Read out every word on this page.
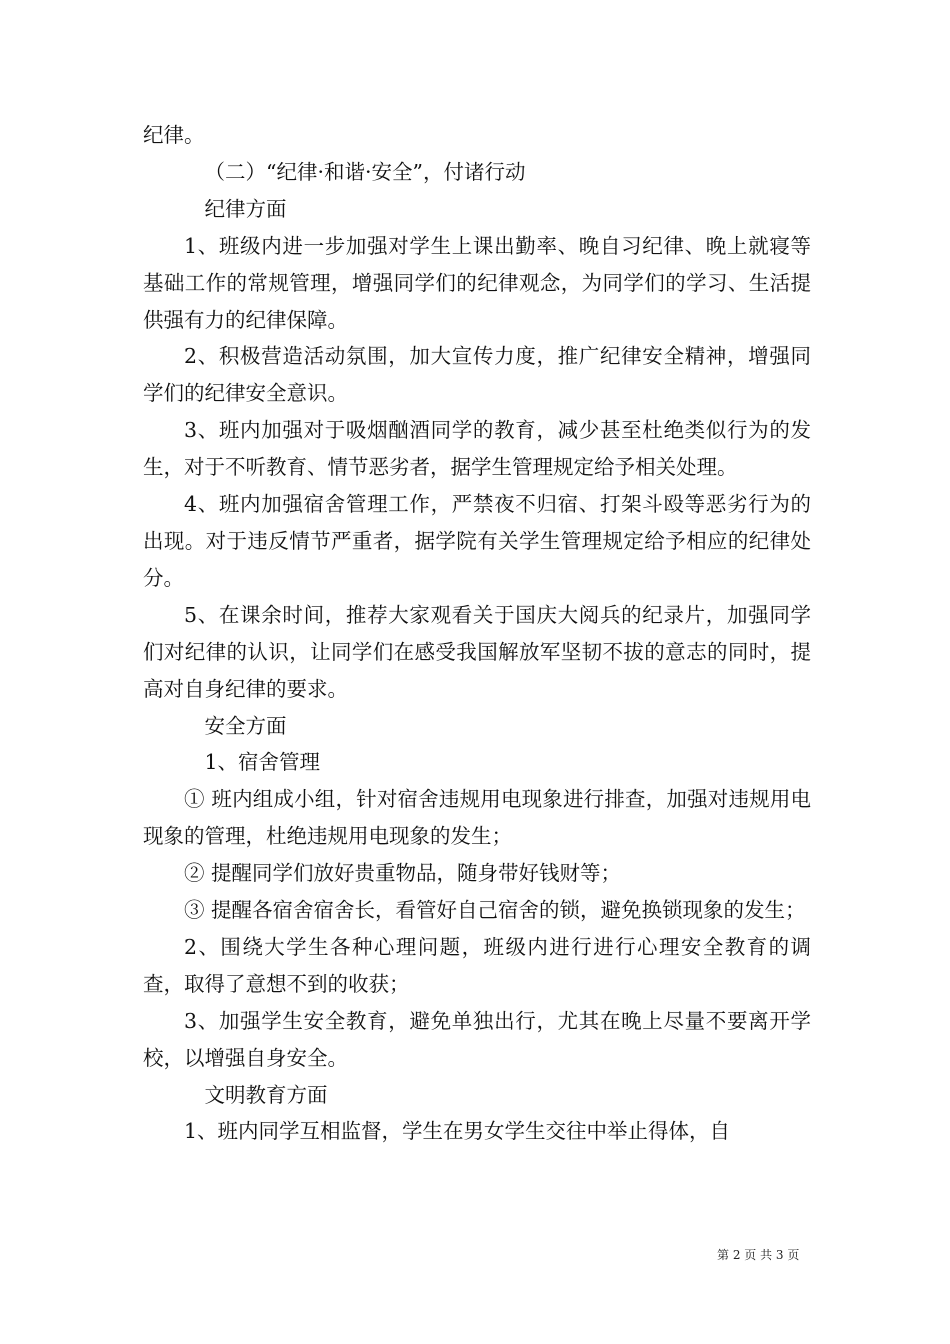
纪律。

（二）“纪律·和谐·安全”，付诸行动

纪律方面

1、班级内进一步加强对学生上课出勤率、晚自习纪律、晚上就寝等基础工作的常规管理，增强同学们的纪律观念，为同学们的学习、生活提供强有力的纪律保障。

2、积极营造活动氛围，加大宣传力度，推广纪律安全精神，增强同学们的纪律安全意识。

3、班内加强对于吸烟酗酒同学的教育，减少甚至杜绝类似行为的发生，对于不听教育、情节恶劣者，据学生管理规定给予相关处理。

4、班内加强宿舍管理工作，严禁夜不归宿、打架斗殴等恶劣行为的出现。对于违反情节严重者，据学院有关学生管理规定给予相应的纪律处分。

5、在课余时间，推荐大家观看关于国庆大阅兵的纪录片，加强同学们对纪律的认识，让同学们在感受我国解放军坚韧不拔的意志的同时，提高对自身纪律的要求。

安全方面

1、宿舍管理

① 班内组成小组，针对宿舍违规用电现象进行排查，加强对违规用电现象的管理，杜绝违规用电现象的发生；

② 提醒同学们放好贵重物品，随身带好钱财等；

③ 提醒各宿舍宿舍长，看管好自己宿舍的锁，避免换锁现象的发生；

2、围绕大学生各种心理问题，班级内进行进行心理安全教育的调查，取得了意想不到的收获；

3、加强学生安全教育，避免单独出行，尤其在晚上尽量不要离开学校，以增强自身安全。

文明教育方面

1、班内同学互相监督，学生在男女学生交往中举止得体，自

第 2 页 共 3 页
